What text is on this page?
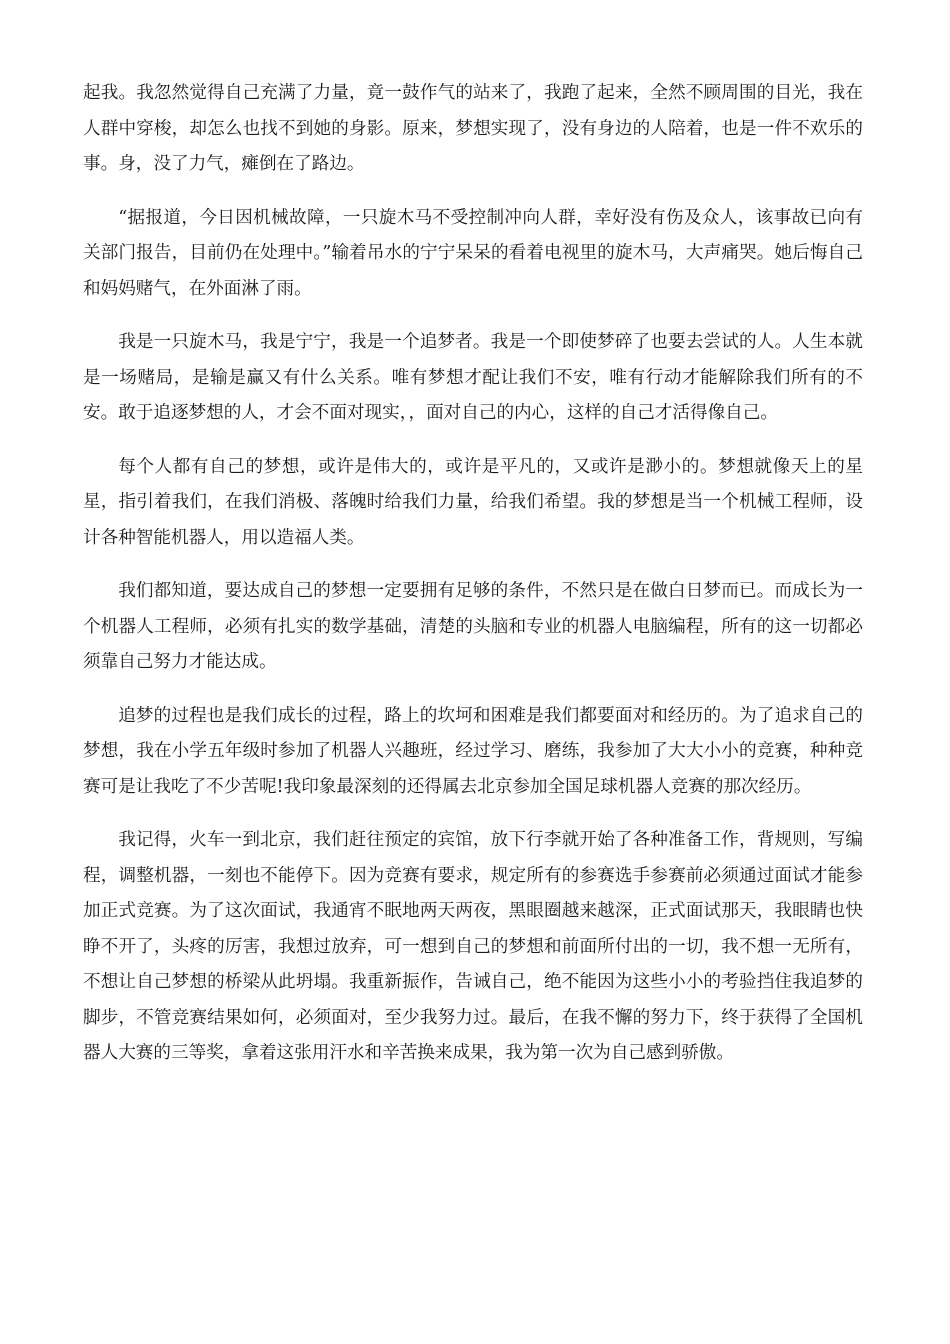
起我。我忽然觉得自己充满了力量，竟一鼓作气的站来了，我跑了起来，全然不顾周围的目光，我在人群中穿梭，却怎么也找不到她的身影。原来，梦想实现了，没有身边的人陪着，也是一件不欢乐的事。身，没了力气，瘫倒在了路边。

“据报道，今日因机械故障，一只旋木马不受控制冲向人群，幸好没有伤及众人，该事故已向有关部门报告，目前仍在处理中。”输着吊水的宁宁呆呆的看着电视里的旋木马，大声痛哭。她后悔自己和妈妈赌气，在外面淋了雨。

我是一只旋木马，我是宁宁，我是一个追梦者。我是一个即使梦碎了也要去尝试的人。人生本就是一场赌局，是输是赢又有什么关系。唯有梦想才配让我们不安，唯有行动才能解除我们所有的不安。敢于追逐梦想的人，才会不面对现实，，面对自己的内心，这样的自己才活得像自己。

每个人都有自己的梦想，或许是伟大的，或许是平凡的，又或许是渺小的。梦想就像天上的星星，指引着我们，在我们消极、落魄时给我们力量，给我们希望。我的梦想是当一个机械工程师，设计各种智能机器人，用以造福人类。

我们都知道，要达成自己的梦想一定要拥有足够的条件，不然只是在做白日梦而已。而成长为一个机器人工程师，必须有扎实的数学基础，清楚的头脑和专业的机器人电脑编程，所有的这一切都必须靠自己努力才能达成。

追梦的过程也是我们成长的过程，路上的坎坷和困难是我们都要面对和经历的。为了追求自己的梦想，我在小学五年级时参加了机器人兴趣班，经过学习、磨练，我参加了大大小小的竞赛，种种竞赛可是让我吃了不少苦呢!我印象最深刻的还得属去北京参加全国足球机器人竞赛的那次经历。

我记得，火车一到北京，我们赶往预定的宾馆，放下行李就开始了各种准备工作，背规则，写编程，调整机器，一刻也不能停下。因为竞赛有要求，规定所有的参赛选手参赛前必须通过面试才能参加正式竞赛。为了这次面试，我通宵不眠地两天两夜，黑眼圈越来越深，正式面试那天，我眼睛也快睁不开了，头疼的厉害，我想过放弃，可一想到自己的梦想和前面所付出的一切，我不想一无所有，不想让自己梦想的桥梁从此坍塌。我重新振作，告诫自己，绝不能因为这些小小的考验挡住我追梦的脚步，不管竞赛结果如何，必须面对，至少我努力过。最后，在我不懈的努力下，终于获得了全国机器人大赛的三等奖，拿着这张用汗水和辛苦换来成果，我为第一次为自己感到骄傲。
